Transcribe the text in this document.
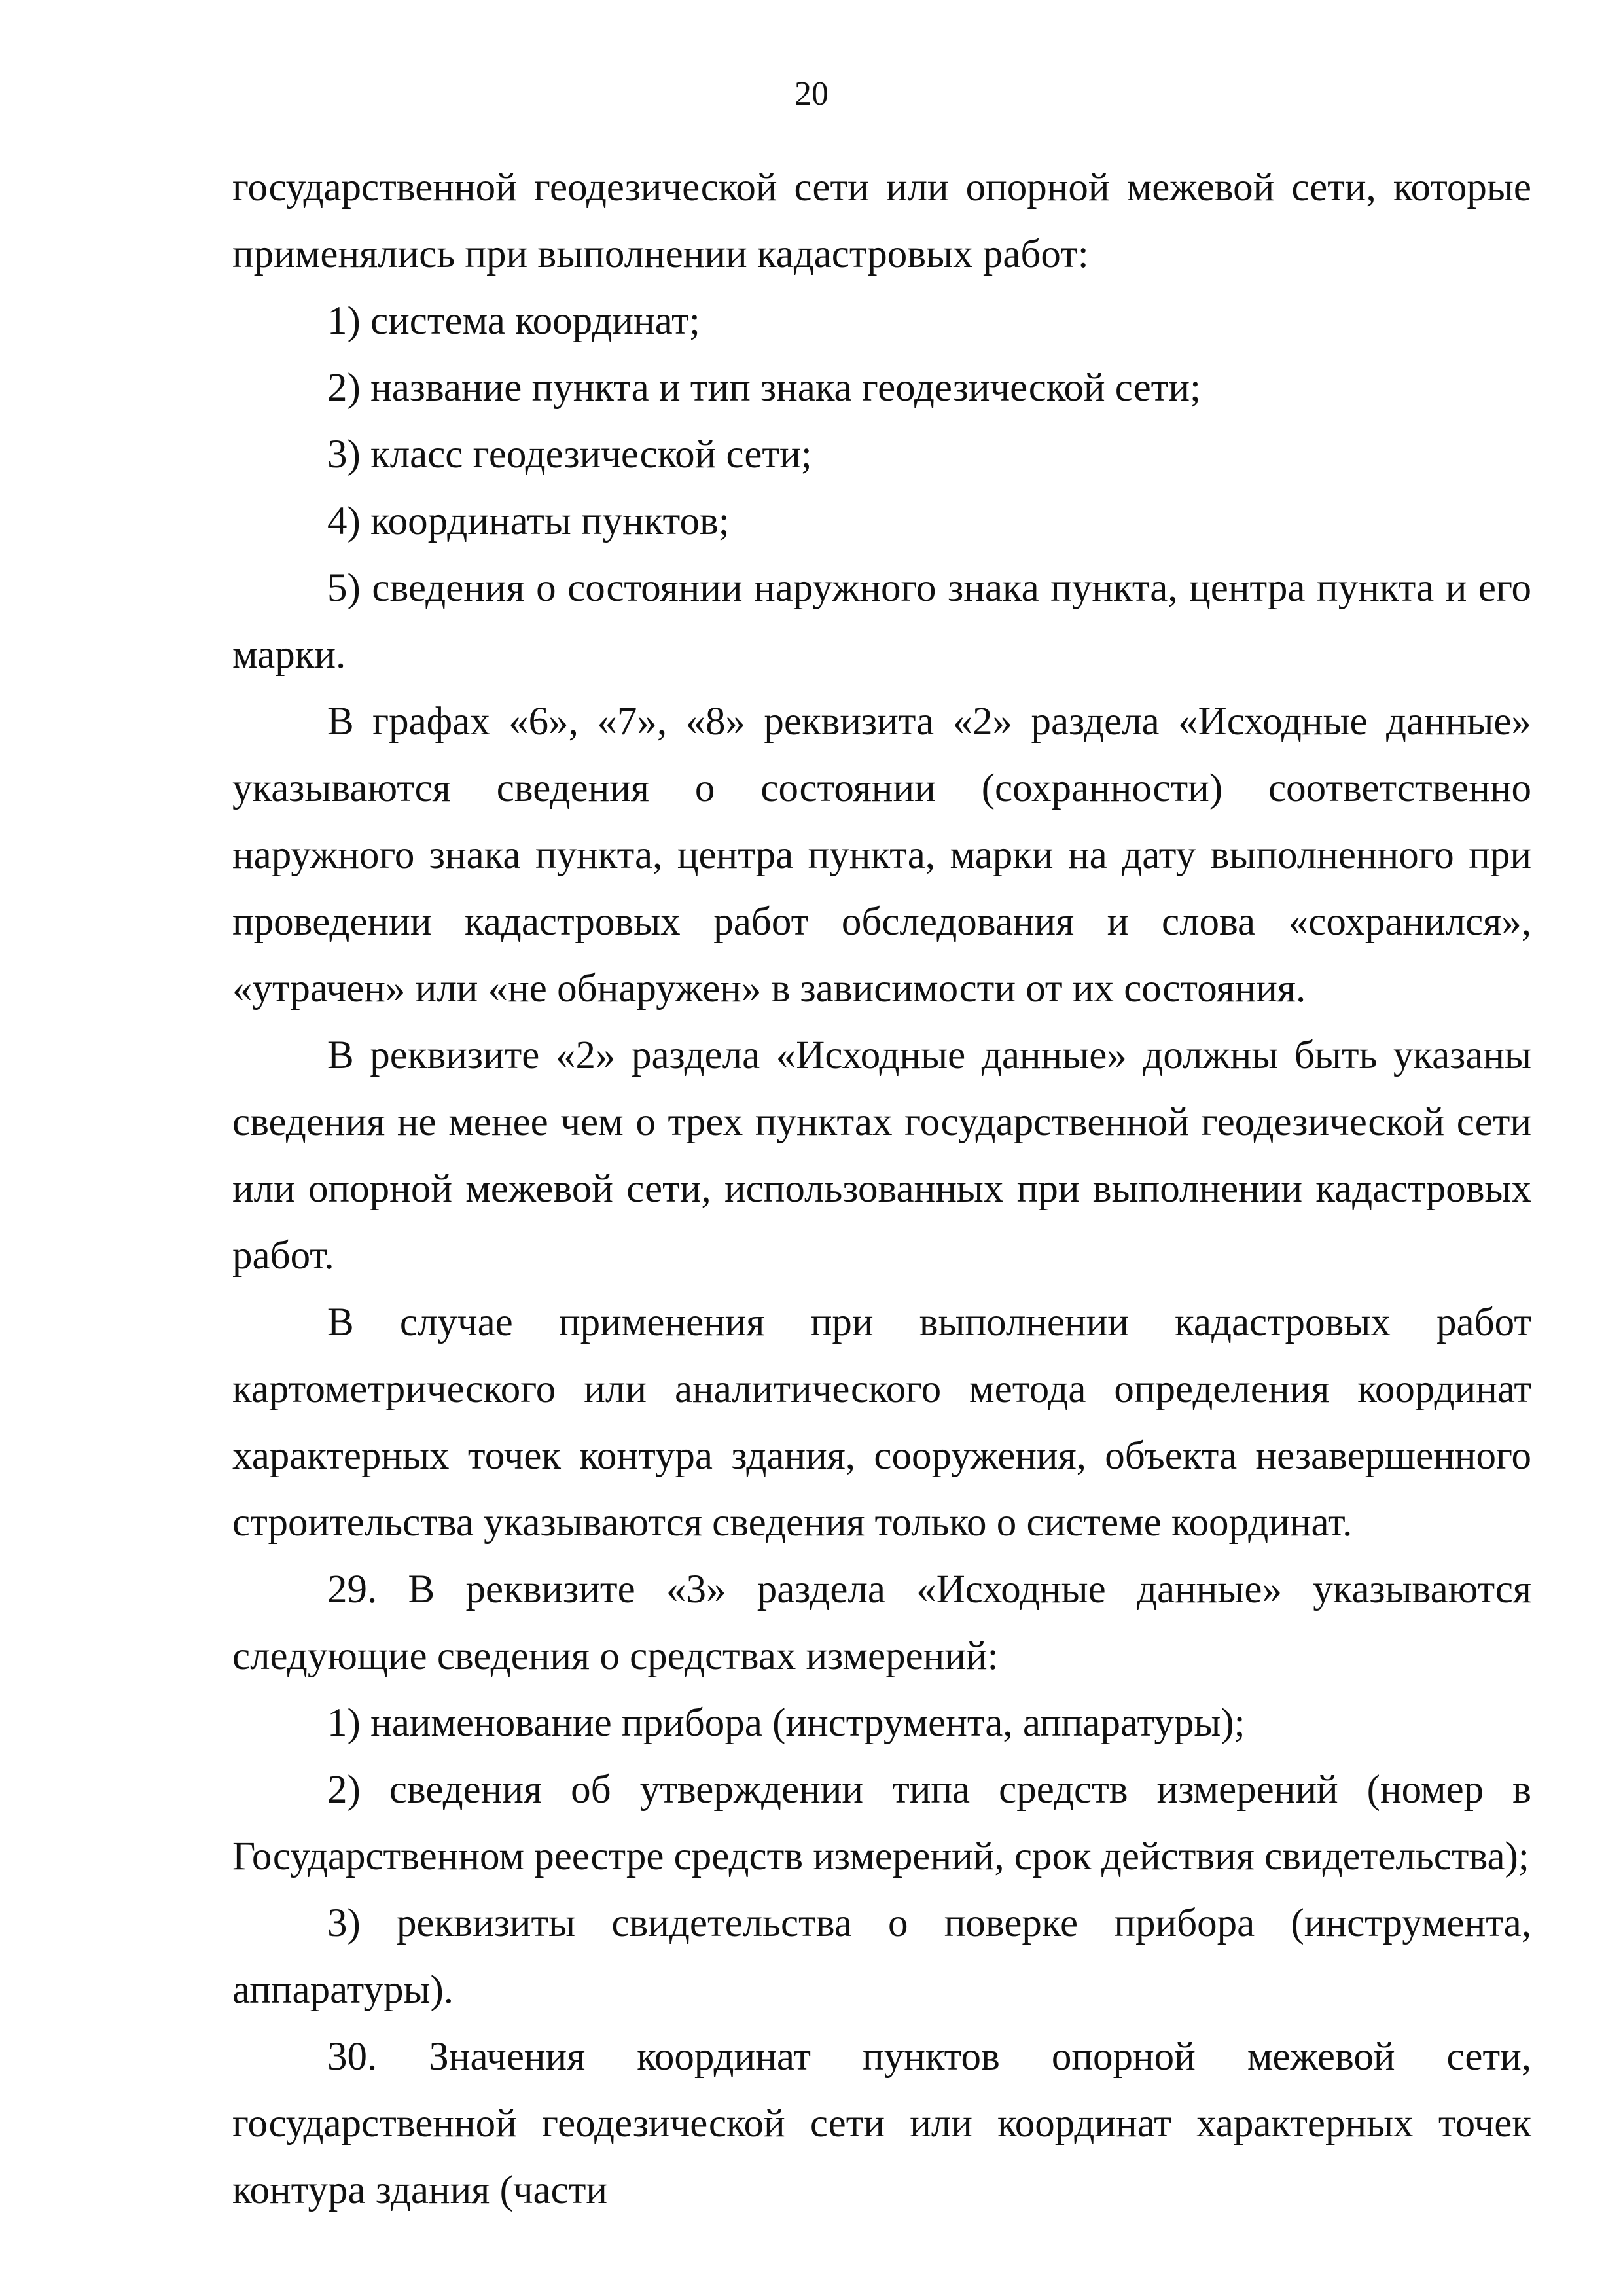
20

государственной геодезической сети или опорной межевой сети, которые применялись при выполнении кадастровых работ:

1) система координат;

2) название пункта и тип знака геодезической сети;

3) класс геодезической сети;

4) координаты пунктов;

5) сведения о состоянии наружного знака пункта, центра пункта и его марки.

В графах «6», «7», «8» реквизита «2» раздела «Исходные данные» указываются сведения о состоянии (сохранности) соответственно наружного знака пункта, центра пункта, марки на дату выполненного при проведении кадастровых работ обследования и слова «сохранился», «утрачен» или «не обнаружен» в зависимости от их состояния.

В реквизите «2» раздела «Исходные данные» должны быть указаны сведения не менее чем о трех пунктах государственной геодезической сети или опорной межевой сети, использованных при выполнении кадастровых работ.

В случае применения при выполнении кадастровых работ картометрического или аналитического метода определения координат характерных точек контура здания, сооружения, объекта незавершенного строительства указываются сведения только о системе координат.

29. В реквизите «3» раздела «Исходные данные» указываются следующие сведения о средствах измерений:

1) наименование прибора (инструмента, аппаратуры);

2) сведения об утверждении типа средств измерений (номер в Государственном реестре средств измерений, срок действия свидетельства);

3) реквизиты свидетельства о поверке прибора (инструмента, аппаратуры).

30. Значения координат пунктов опорной межевой сети, государственной геодезической сети или координат характерных точек контура здания (части
